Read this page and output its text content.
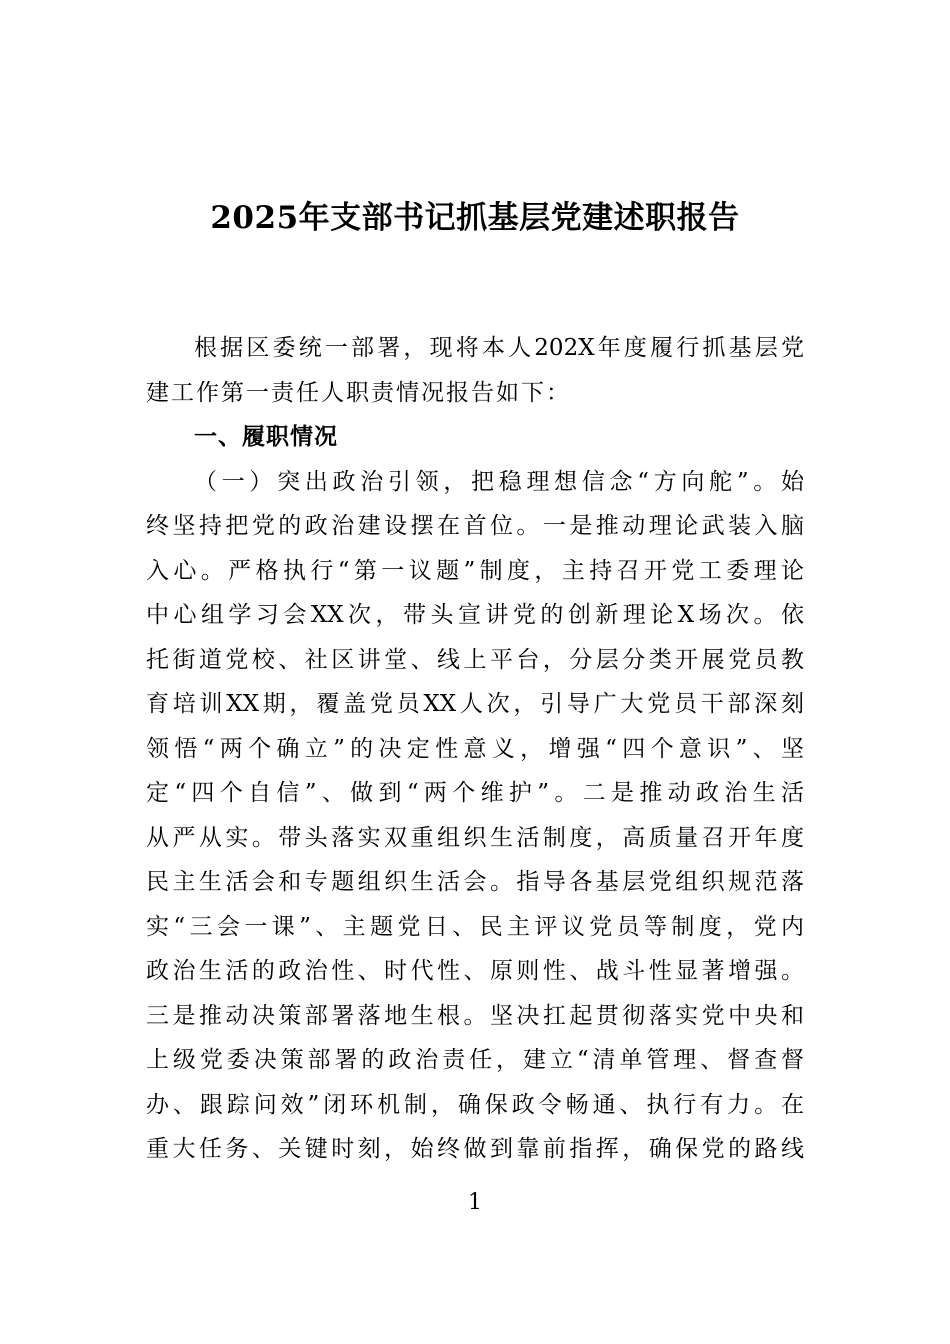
2025年支部书记抓基层党建述职报告
根据区委统一部署，现将本人202X年度履行抓基层党
建工作第一责任人职责情况报告如下：
一、履职情况
（一）突出政治引领，把稳理想信念“方向舵”。始
终坚持把党的政治建设摆在首位。一是推动理论武装入脑
入心。严格执行“第一议题”制度，主持召开党工委理论
中心组学习会XX次，带头宣讲党的创新理论X场次。依
托街道党校、社区讲堂、线上平台，分层分类开展党员教
育培训XX期，覆盖党员XX人次，引导广大党员干部深刻
领悟“两个确立”的决定性意义，增强“四个意识”、坚
定“四个自信”、做到“两个维护”。二是推动政治生活
从严从实。带头落实双重组织生活制度，高质量召开年度
民主生活会和专题组织生活会。指导各基层党组织规范落
实“三会一课”、主题党日、民主评议党员等制度，党内
政治生活的政治性、时代性、原则性、战斗性显著增强。
三是推动决策部署落地生根。坚决扛起贯彻落实党中央和
上级党委决策部署的政治责任，建立“清单管理、督查督
办、跟踪问效”闭环机制，确保政令畅通、执行有力。在
重大任务、关键时刻，始终做到靠前指挥，确保党的路线
1
